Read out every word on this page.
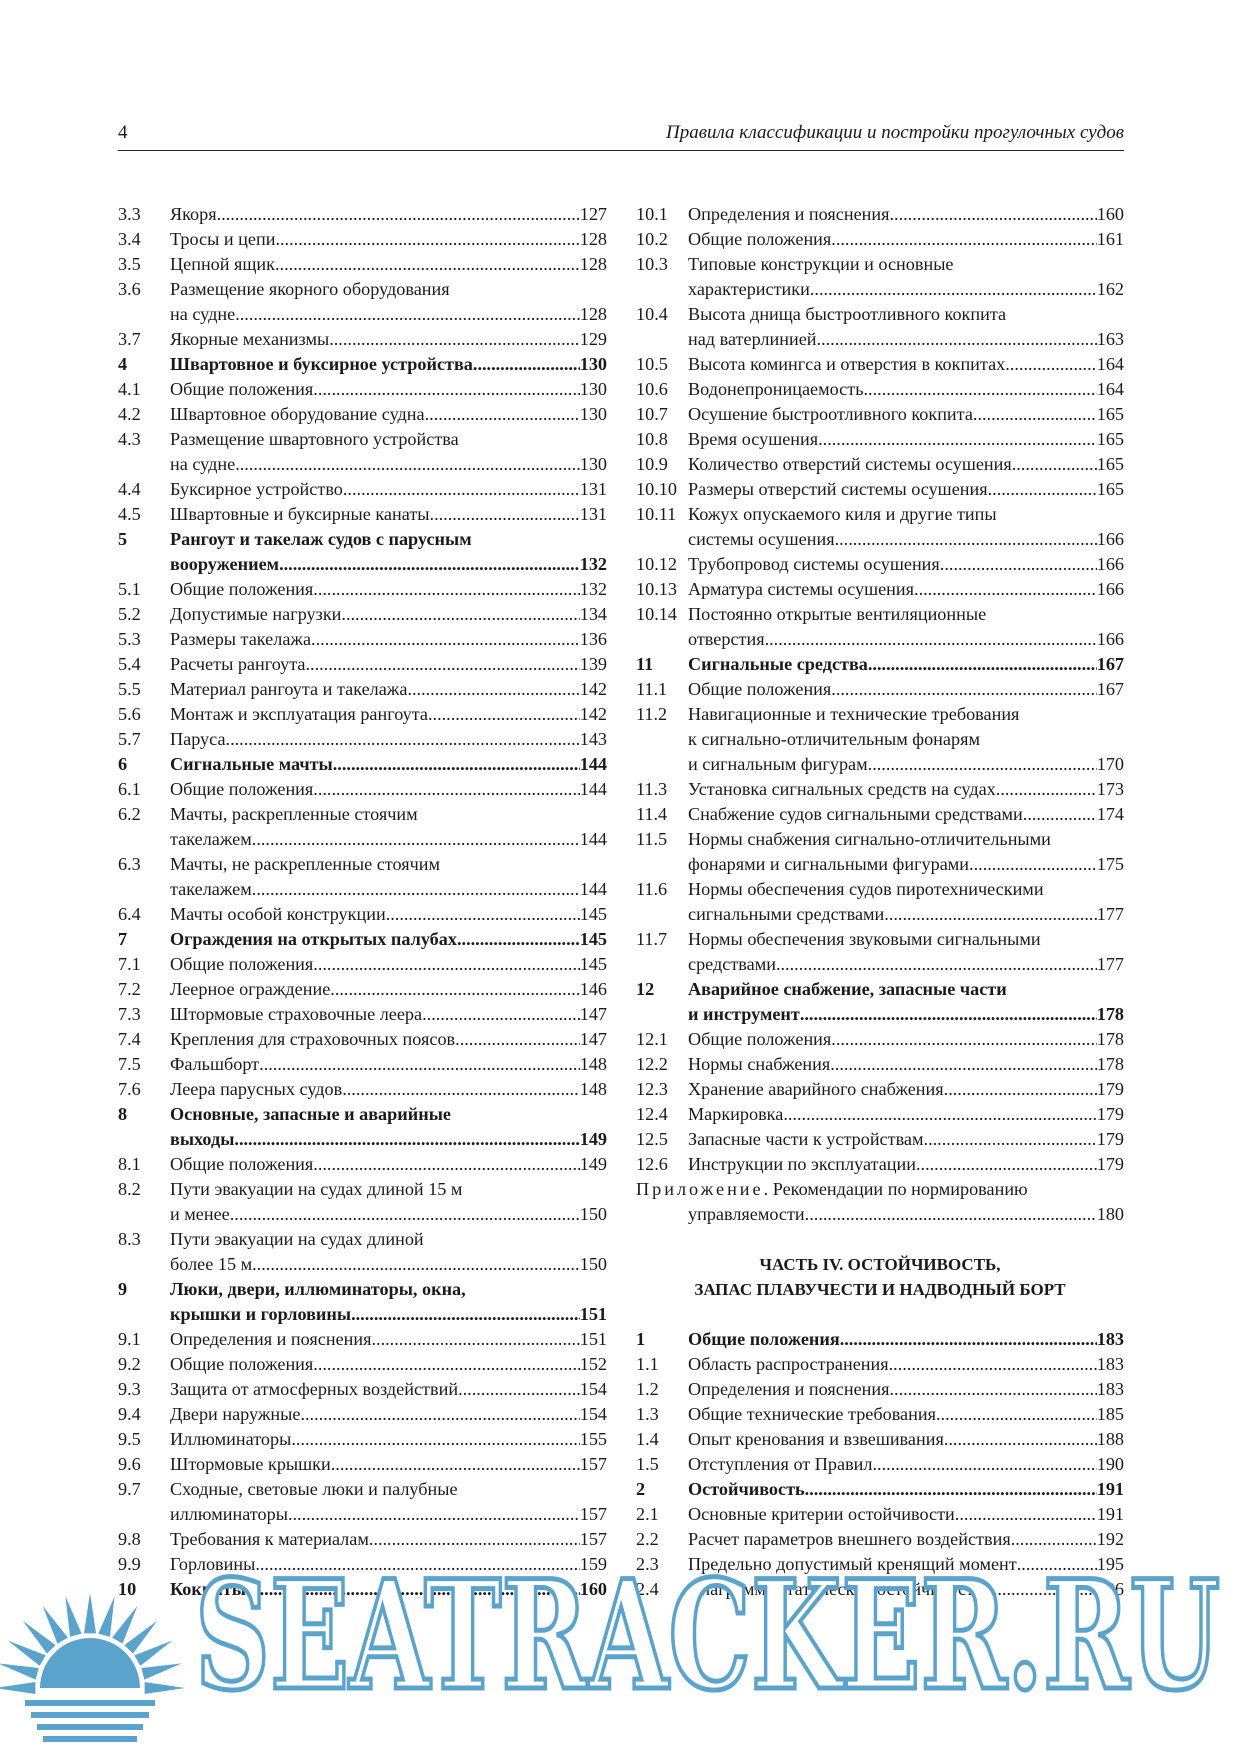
4	Правила классификации и постройки прогулочных судов
3.3 Якоря .....	127
3.4 Тросы и цепи .....	128
3.5 Цепной ящик .....	128
3.6 Размещение якорного оборудования
на судне .....	128
3.7 Якорные механизмы .....	129
4 Швартовное и буксирное устройства .....	130
4.1 Общие положения .....	130
4.2 Швартовное оборудование судна .....	130
4.3 Размещение швартовного устройства
на судне .....	130
4.4 Буксирное устройство .....	131
4.5 Швартовные и буксирные канаты .....	131
5 Рангоут и такелаж судов с парусным
вооружением .....	132
5.1 Общие положения .....	132
5.2 Допустимые нагрузки .....	134
5.3 Размеры такелажа .....	136
5.4 Расчеты рангоута .....	139
5.5 Материал рангоута и такелажа .....	142
5.6 Монтаж и эксплуатация рангоута .....	142
5.7 Паруса .....	143
6 Сигнальные мачты .....	144
6.1 Общие положения .....	144
6.2 Мачты, раскрепленные стоячим
такелажем .....	144
6.3 Мачты, не раскрепленные стоячим
такелажем .....	144
6.4 Мачты особой конструкции .....	145
7 Ограждения на открытых палубах .....	145
7.1 Общие положения .....	145
7.2 Леерное ограждение .....	146
7.3 Штормовые страховочные леера .....	147
7.4 Крепления для страховочных поясов .....	147
7.5 Фальшборт .....	148
7.6 Леера парусных судов .....	148
8 Основные, запасные и аварийные
выходы .....	149
8.1 Общие положения .....	149
8.2 Пути эвакуации на судах длиной 15 м
и менее .....	150
8.3 Пути эвакуации на судах длиной
более 15 м .....	150
9 Люки, двери, иллюминаторы, окна,
крышки и горловины .....	151
9.1 Определения и пояснения .....	151
9.2 Общие положения .....	152
9.3 Защита от атмосферных воздействий .....	154
9.4 Двери наружные .....	154
9.5 Иллюминаторы .....	155
9.6 Штормовые крышки .....	157
9.7 Сходные, световые люки и палубные
иллюминаторы .....	157
9.8 Требования к материалам .....	157
9.9 Горловины .....	159
10 Кокпиты .....	160
10.1 Определения и пояснения .....	160
10.2 Общие положения .....	161
10.3 Типовые конструкции и основные
характеристики .....	162
10.4 Высота днища быстроотливного кокпита
над ватерлинией .....	163
10.5 Высота комингса и отверстия в кокпитах .....	164
10.6 Водонепроницаемость .....	164
10.7 Осушение быстроотливного кокпита .....	165
10.8 Время осушения .....	165
10.9 Количество отверстий системы осушения .....	165
10.10 Размеры отверстий системы осушения .....	165
10.11 Кожух опускаемого киля и другие типы
системы осушения .....	166
10.12 Трубопровод системы осушения .....	166
10.13 Арматура системы осушения .....	166
10.14 Постоянно открытые вентиляционные
отверстия .....	166
11 Сигнальные средства .....	167
11.1 Общие положения .....	167
11.2 Навигационные и технические требования
к сигнально-отличительным фонарям
и сигнальным фигурам .....	170
11.3 Установка сигнальных средств на судах .....	173
11.4 Снабжение судов сигнальными средствами .....	174
11.5 Нормы снабжения сигнально-отличительными
фонарями и сигнальными фигурами .....	175
11.6 Нормы обеспечения судов пиротехническими
сигнальными средствами .....	177
11.7 Нормы обеспечения звуковыми сигнальными
средствами .....	177
12 Аварийное снабжение, запасные части
и инструмент .....	178
12.1 Общие положения .....	178
12.2 Нормы снабжения .....	178
12.3 Хранение аварийного снабжения .....	179
12.4 Маркировка .....	179
12.5 Запасные части к устройствам .....	179
12.6 Инструкции по эксплуатации .....	179
Приложение. Рекомендации по нормированию
управляемости .....	180
ЧАСТЬ IV. ОСТОЙЧИВОСТЬ,
ЗАПАС ПЛАВУЧЕСТИ И НАДВОДНЫЙ БОРТ
1 Общие положения .....	183
1.1 Область распространения .....	183
1.2 Определения и пояснения .....	183
1.3 Общие технические требования .....	185
1.4 Опыт кренования и взвешивания .....	188
1.5 Отступления от Правил .....	190
2 Остойчивость .....	191
2.1 Основные критерии остойчивости .....	191
2.2 Расчет параметров внешнего воздействия .....	192
2.3 Предельно допустимый кренящий момент .....	195
2.4 Диаграмма статической остойчивости .....	196
SEATRACKER.RU
